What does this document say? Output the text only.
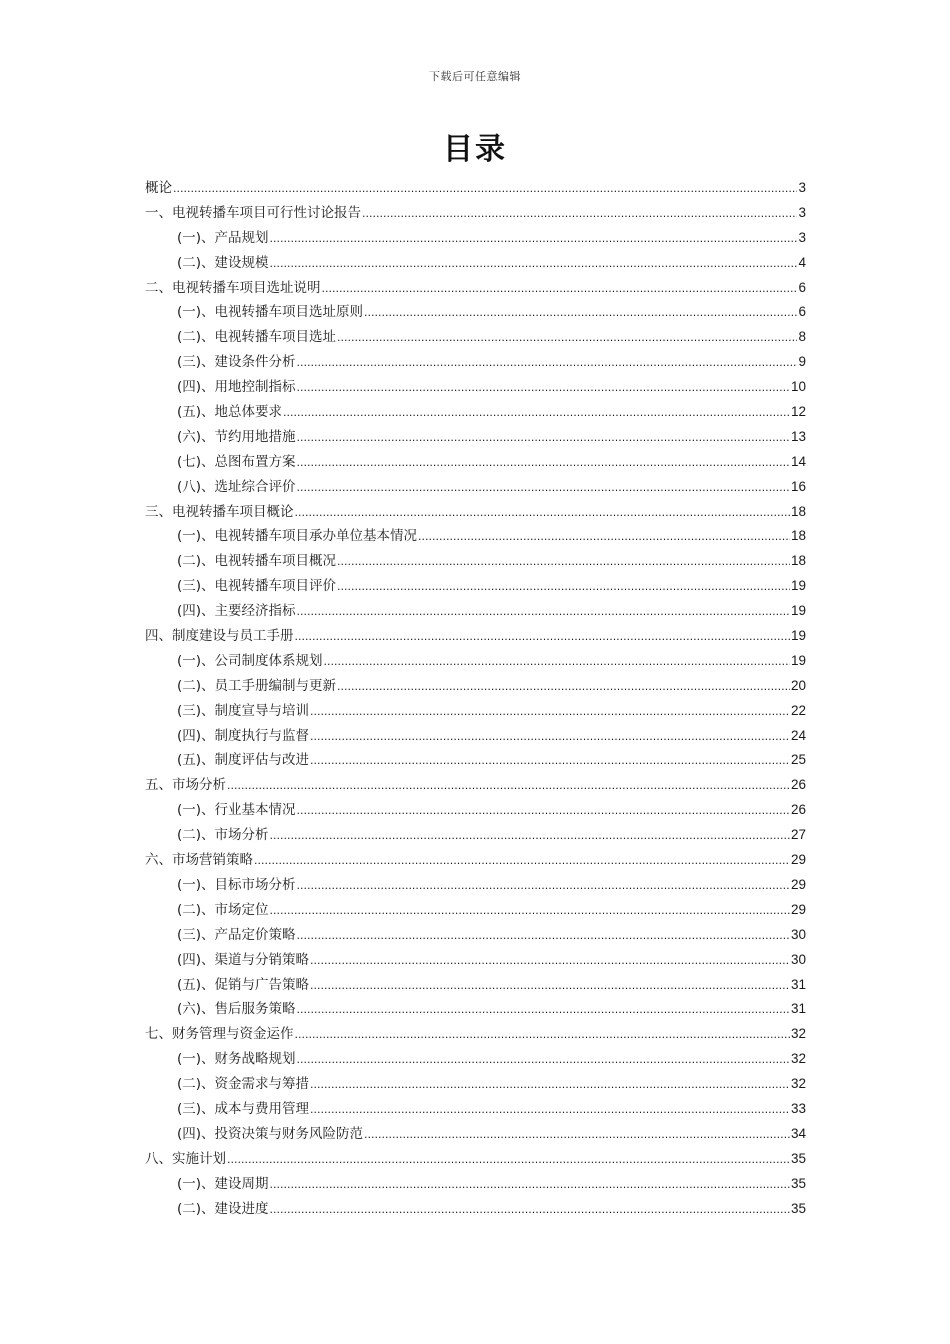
下载后可任意编辑
目录
概论 .....	3
一、电视转播车项目可行性讨论报告 .....	3
(一)、产品规划 .....	3
(二)、建设规模 .....	4
二、电视转播车项目选址说明 .....	6
(一)、电视转播车项目选址原则 .....	6
(二)、电视转播车项目选址 .....	8
(三)、建设条件分析 .....	9
(四)、用地控制指标 .....	10
(五)、地总体要求 .....	12
(六)、节约用地措施 .....	13
(七)、总图布置方案 .....	14
(八)、选址综合评价 .....	16
三、电视转播车项目概论 .....	18
(一)、电视转播车项目承办单位基本情况 .....	18
(二)、电视转播车项目概况 .....	18
(三)、电视转播车项目评价 .....	19
(四)、主要经济指标 .....	19
四、制度建设与员工手册 .....	19
(一)、公司制度体系规划 .....	19
(二)、员工手册编制与更新 .....	20
(三)、制度宣导与培训 .....	22
(四)、制度执行与监督 .....	24
(五)、制度评估与改进 .....	25
五、市场分析 .....	26
(一)、行业基本情况 .....	26
(二)、市场分析 .....	27
六、市场营销策略 .....	29
(一)、目标市场分析 .....	29
(二)、市场定位 .....	29
(三)、产品定价策略 .....	30
(四)、渠道与分销策略 .....	30
(五)、促销与广告策略 .....	31
(六)、售后服务策略 .....	31
七、财务管理与资金运作 .....	32
(一)、财务战略规划 .....	32
(二)、资金需求与筹措 .....	32
(三)、成本与费用管理 .....	33
(四)、投资决策与财务风险防范 .....	34
八、实施计划 .....	35
(一)、建设周期 .....	35
(二)、建设进度 .....	35
